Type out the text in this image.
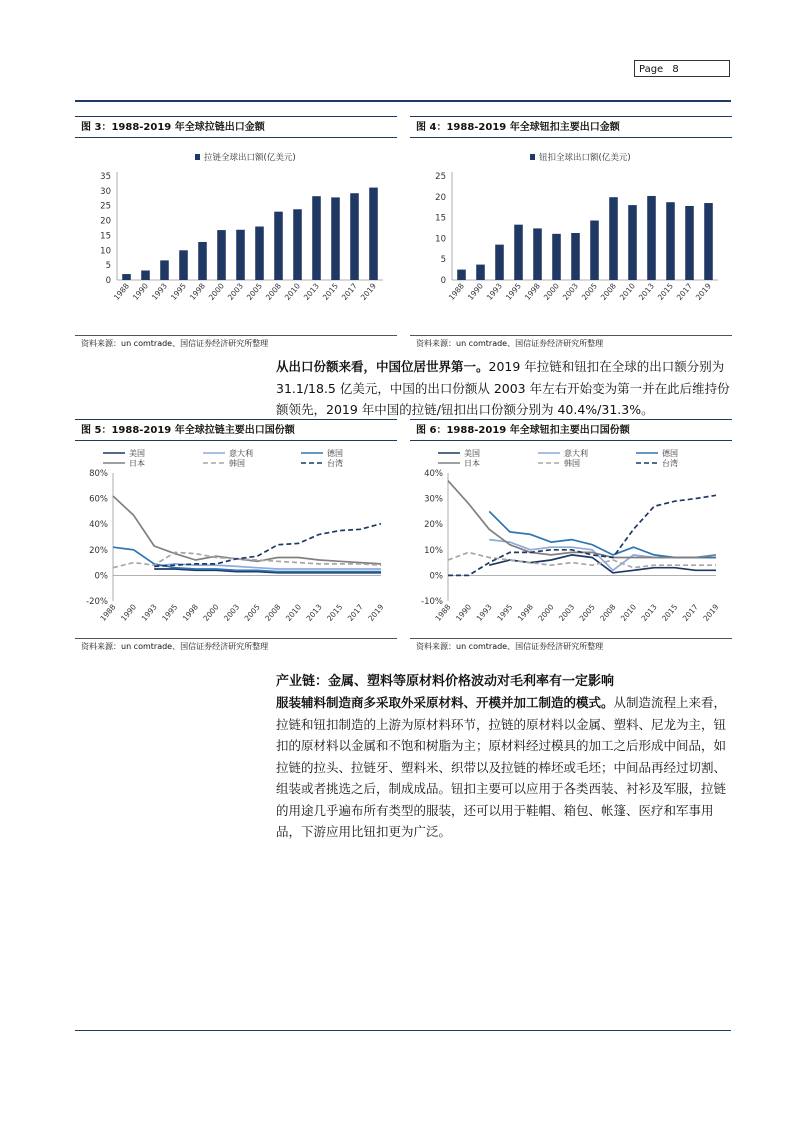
Page 8
图 3：1988-2019 年全球拉链出口金额
拉链全球出口额(亿美元)
0
5
10
15
20
25
30
35
1988 1990 1993 1995 1998 2000 2003 2005 2008 2010 2013 2015 2017 2019
资料来源：un comtrade、国信证券经济研究所整理
图 4：1988-2019 年全球钮扣主要出口金额
钮扣全球出口额(亿美元)
0
5
10
15
20
25
1988 1990 1993 1995 1998 2000 2003 2005 2008 2010 2013 2015 2017 2019
资料来源：un comtrade、国信证券经济研究所整理

从出口份额来看，中国位居世界第一。2019 年拉链和钮扣在全球的出口额分别为 31.1/18.5 亿美元，中国的出口份额从 2003 年左右开始变为第一并在此后维持份额领先，2019 年中国的拉链/钮扣出口份额分别为 40.4%/31.3%。

图 5：1988-2019 年全球拉链主要出口国份额
美国	意大利	德国
日本	韩国	台湾
-20%
0%
20%
40%
60%
80%
1988 1990 1993 1995 1998 2000 2003 2005 2008 2010 2013 2015 2017 2019
资料来源：un comtrade、国信证券经济研究所整理
图 6：1988-2019 年全球钮扣主要出口国份额
美国	意大利	德国
日本	韩国	台湾
-10%
0%
10%
20%
30%
40%
1988 1990 1993 1995 1998 2000 2003 2005 2008 2010 2013 2015 2017 2019
资料来源：un comtrade、国信证券经济研究所整理
产业链：金属、塑料等原材料价格波动对毛利率有一定影响

服装辅料制造商多采取外采原材料、开模并加工制造的模式。从制造流程上来看，拉链和钮扣制造的上游为原材料环节，拉链的原材料以金属、塑料、尼龙为主，钮扣的原材料以金属和不饱和树脂为主；原材料经过模具的加工之后形成中间品，如拉链的拉头、拉链牙、塑料米、织带以及拉链的棒坯或毛坯；中间品再经过切割、组装或者挑选之后，制成成品。钮扣主要可以应用于各类西装、衬衫及军服，拉链的用途几乎遍布所有类型的服装，还可以用于鞋帽、箱包、帐篷、医疗和军事用品，下游应用比钮扣更为广泛。
